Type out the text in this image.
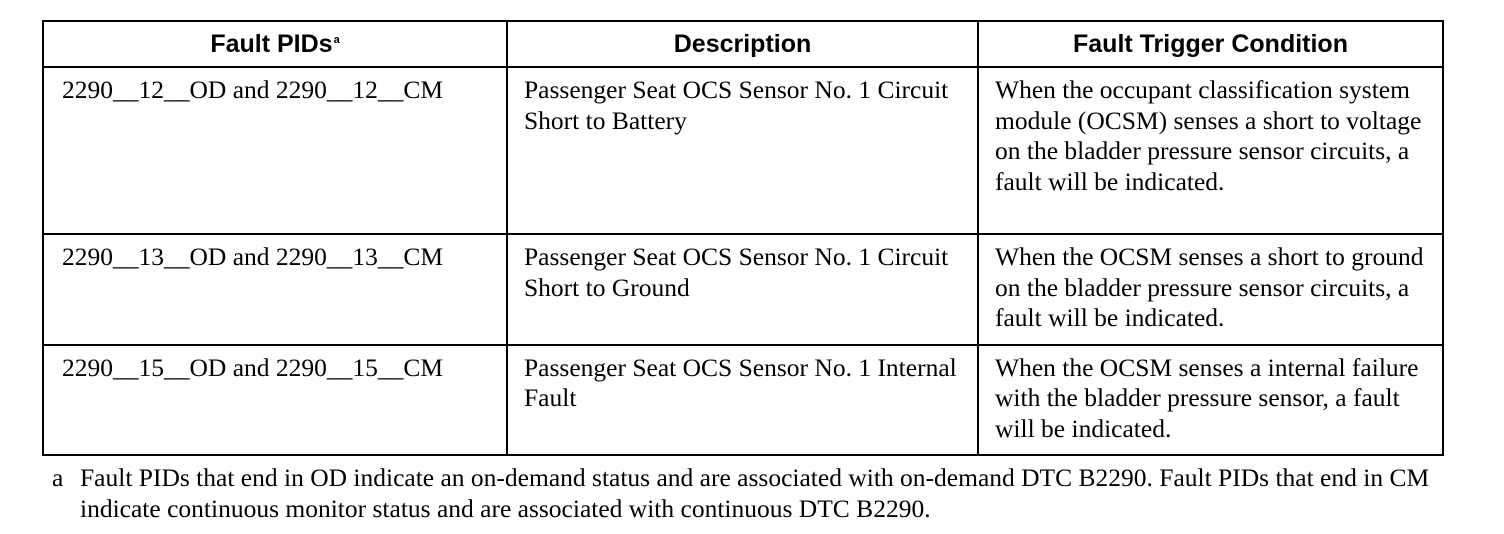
Fault PIDs$^a$	Description	Fault Trigger Condition
2290__12__OD and 2290__12__CM	Passenger Seat OCS Sensor No. 1 Circuit Short to Battery	When the occupant classification system module (OCSM) senses a short to voltage on the bladder pressure sensor circuits, a fault will be indicated.
2290__13__OD and 2290__13__CM	Passenger Seat OCS Sensor No. 1 Circuit Short to Ground	When the OCSM senses a short to ground on the bladder pressure sensor circuits, a fault will be indicated.
2290__15__OD and 2290__15__CM	Passenger Seat OCS Sensor No. 1 Internal Fault	When the OCSM senses a internal failure with the bladder pressure sensor, a fault will be indicated.
a Fault PIDs that end in OD indicate an on-demand status and are associated with on-demand DTC B2290. Fault PIDs that end in CM indicate continuous monitor status and are associated with continuous DTC B2290.
